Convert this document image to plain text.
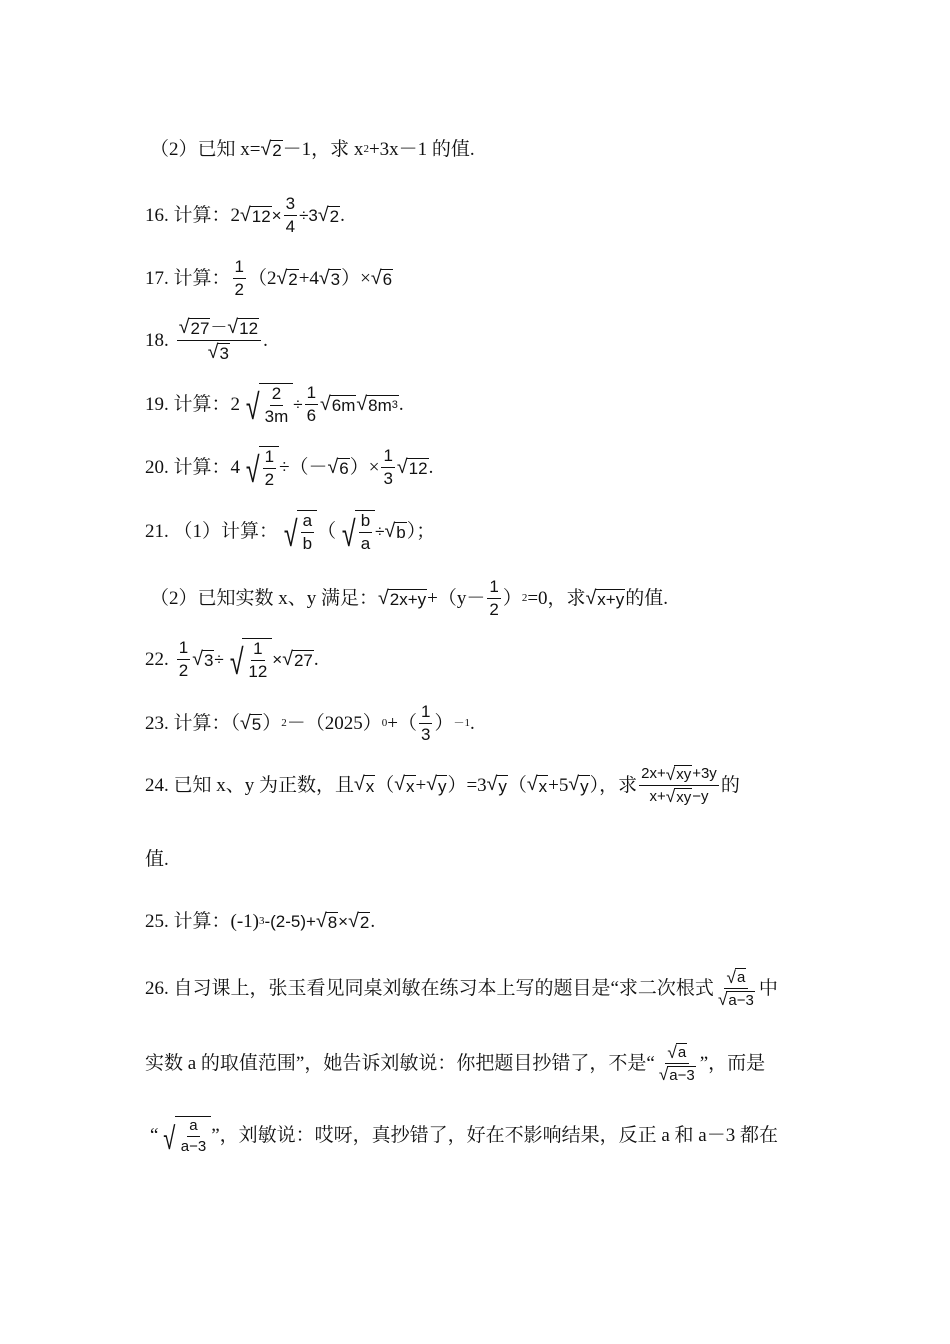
（2）已知 x= √ 2 －1，求 x 2 +3x－1 的值.
16. 计算：2 √ $12 \times \frac{3}{4} \div 3$ √ 2 .
17. 计算： $\frac{1}{2} (2$ √ 2 +4 √ 3 ）× √ 6
18. $\frac{√ 27 - √ 12}{√ 3}$ .
19. 计算：2 √ $\frac{2}{3m} \div \frac{1}{6}$ √ 6m √ 8m 3 .
20. 计算：4 √ $\frac{1}{2}$ ÷（－ √ 6 ）× $\frac{1}{3}$ √ 12 .
21. （1）计算： √ $\frac{a}{b}$ （ √ $\frac{b}{a}$ ÷ √ b ）；
（2）已知实数 x、y 满足： √ $2x+y +(y- \frac{1}{2}$ ） 2 =0，求 √ x+y 的值.
22. $\frac{1}{2}$ √ 3 ÷ √ $\frac{1}{12}$ × √ 27 .
23. 计算：（ √ 5 ） 2 －（2025） 0 +（ $\frac{1}{3}$ ） －1 .
24. 已知 x、y 为正数，且 √ x （ √ x + √ y ）=3 √ y （ √ x +5 √ y ），求 $\frac{2x+ √ xy +3y}{x+ √ xy -y}$ 的
值.
25. 计算：(-1) 3 -(2-5)+ √ 8 × √ 2 .
26. 自习课上，张玉看见同桌刘敏在练习本上写的题目是“求二次根式 $\frac{√ a}{√ a-3}$ 中
实数 a 的取值范围”，她告诉刘敏说：你把题目抄错了，不是“ $\frac{√ a}{√ a-3}$ ”，而是
“ √ $\frac{a}{a-3}$ ”，刘敏说：哎呀，真抄错了，好在不影响结果，反正 a 和 a－3 都在
